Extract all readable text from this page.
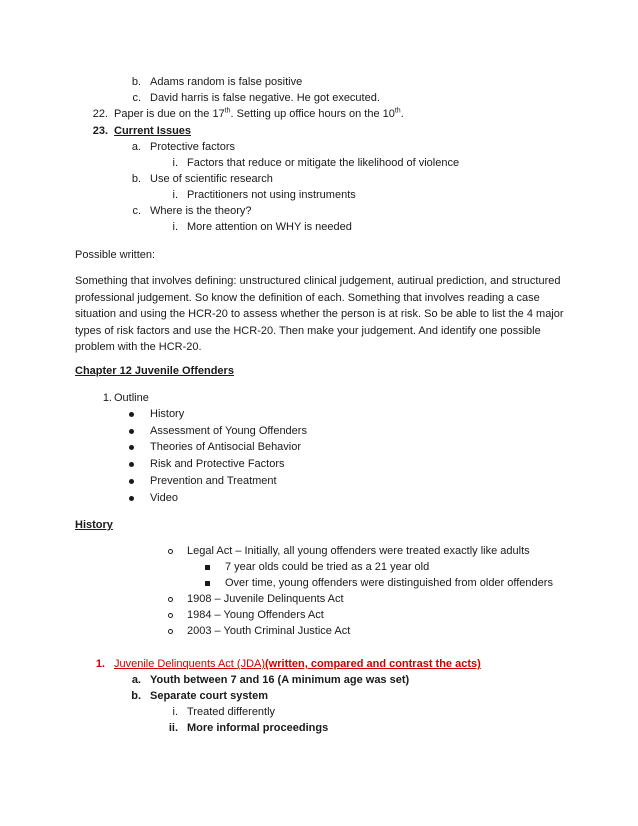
b. Adams random is false positive
c. David harris is false negative. He got executed.
22. Paper is due on the 17th. Setting up office hours on the 10th.
23. Current Issues
a. Protective factors
i. Factors that reduce or mitigate the likelihood of violence
b. Use of scientific research
i. Practitioners not using instruments
c. Where is the theory?
i. More attention on WHY is needed
Possible written:
Something that involves defining: unstructured clinical judgement, autirual prediction, and structured professional judgement. So know the definition of each. Something that involves reading a case situation and using the HCR-20 to assess whether the person is at risk. So be able to list the 4 major types of risk factors and use the HCR-20. Then make your judgement. And identify one possible problem with the HCR-20.
Chapter 12 Juvenile Offenders
1. Outline
History
Assessment of Young Offenders
Theories of Antisocial Behavior
Risk and Protective Factors
Prevention and Treatment
Video
History
Legal Act – Initially, all young offenders were treated exactly like adults
7 year olds could be tried as a 21 year old
Over time, young offenders were distinguished from older offenders
1908 – Juvenile Delinquents Act
1984 – Young Offenders Act
2003 – Youth Criminal Justice Act
1. Juvenile Delinquents Act (JDA)(written, compared and contrast the acts)
a. Youth between 7 and 16 (A minimum age was set)
b. Separate court system
i. Treated differently
ii. More informal proceedings
